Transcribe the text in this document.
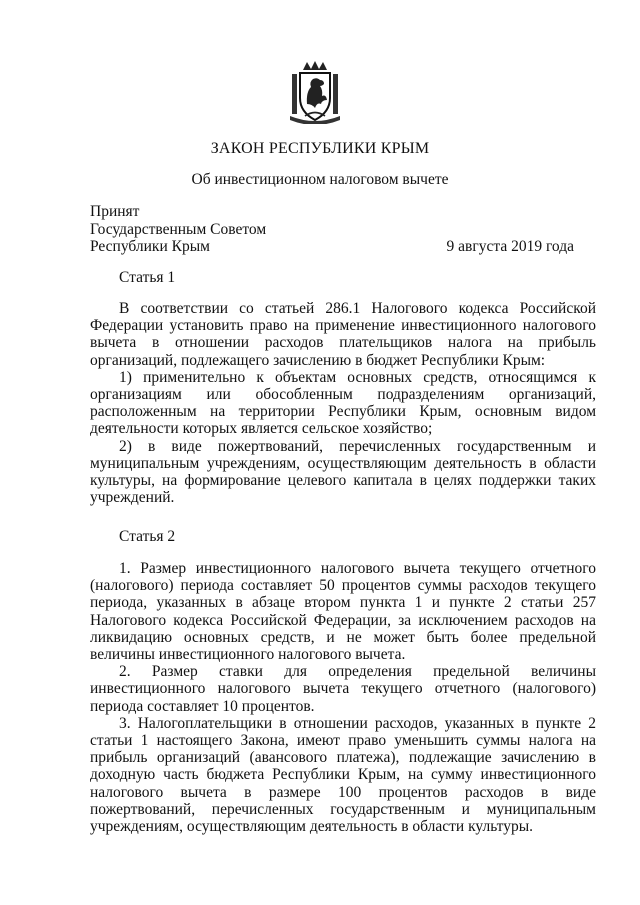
ЗАКОН РЕСПУБЛИКИ КРЫМ
Об инвестиционном налоговом вычете
Принят
Государственным Советом
Республики Крым	9 августа 2019 года
Статья 1

В соответствии со статьей 286.1 Налогового кодекса Российской Федерации установить право на применение инвестиционного налогового вычета в отношении расходов плательщиков налога на прибыль организаций, подлежащего зачислению в бюджет Республики Крым:

1) применительно к объектам основных средств, относящимся к организациям или обособленным подразделениям организаций, расположенным на территории Республики Крым, основным видом деятельности которых является сельское хозяйство;

2) в виде пожертвований, перечисленных государственным и муниципальным учреждениям, осуществляющим деятельность в области культуры, на формирование целевого капитала в целях поддержки таких учреждений.

Статья 2

1. Размер инвестиционного налогового вычета текущего отчетного (налогового) периода составляет 50 процентов суммы расходов текущего периода, указанных в абзаце втором пункта 1 и пункте 2 статьи 257 Налогового кодекса Российской Федерации, за исключением расходов на ликвидацию основных средств, и не может быть более предельной величины инвестиционного налогового вычета.

2. Размер ставки для определения предельной величины инвестиционного налогового вычета текущего отчетного (налогового) периода составляет 10 процентов.

3. Налогоплательщики в отношении расходов, указанных в пункте 2 статьи 1 настоящего Закона, имеют право уменьшить суммы налога на прибыль организаций (авансового платежа), подлежащие зачислению в доходную часть бюджета Республики Крым, на сумму инвестиционного налогового вычета в размере 100 процентов расходов в виде пожертвований, перечисленных государственным и муниципальным учреждениям, осуществляющим деятельность в области культуры.
